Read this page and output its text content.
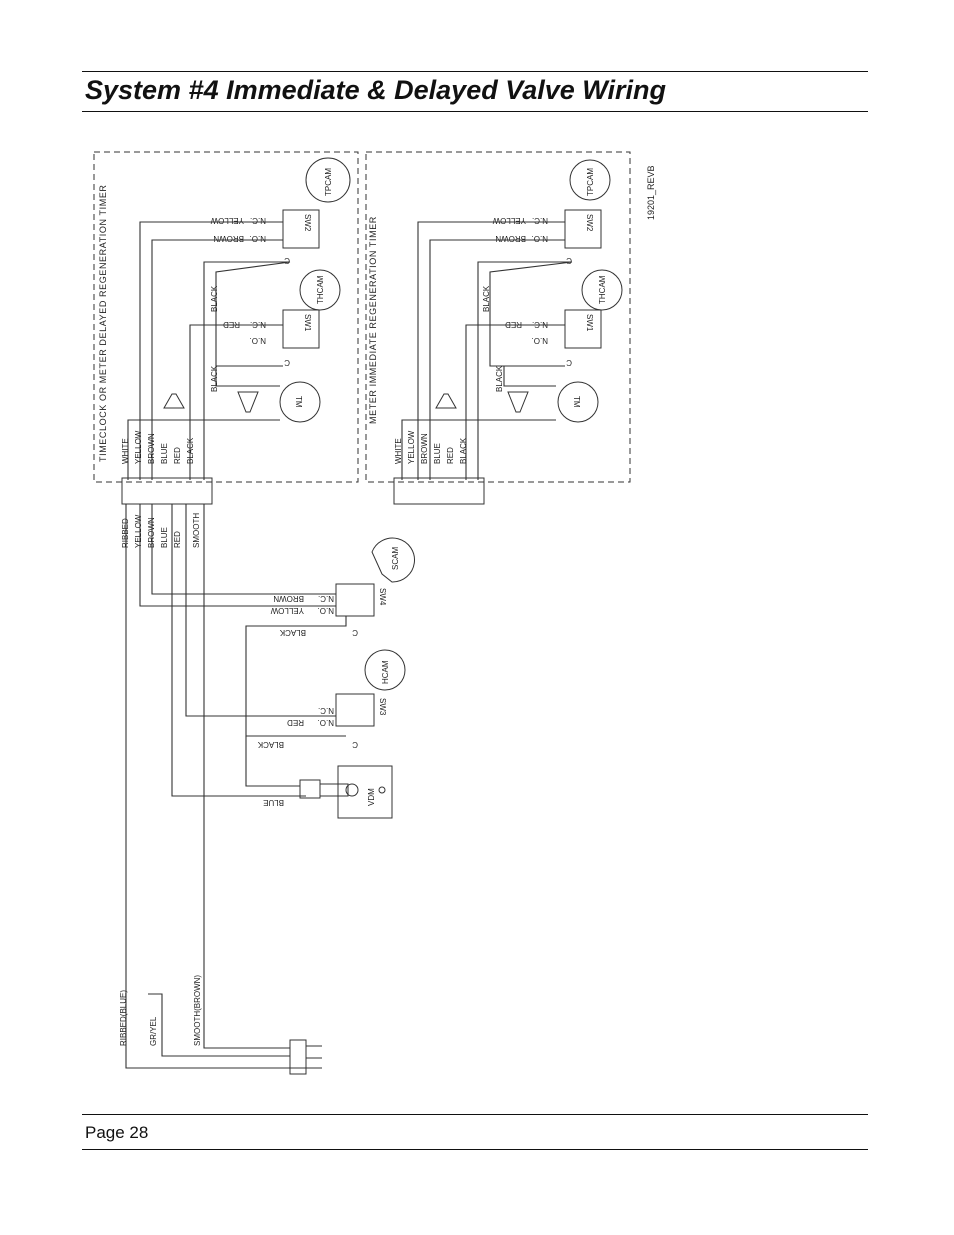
System #4 Immediate & Delayed Valve Wiring
TIMECLOCK OR METER DELAYED REGENERATION TIMER	SW2
N.C.
YELLOW
N.O.
BROWN
C
TPCAM
SW1
N.C.
RED
N.O.
C
THCAM
BLACK
BLACK
TM
WHITE YELLOW BROWN BLUE RED BLACK
METER IMMEDIATE REGENERATION TIMER
19201_REVB
SW2
N.C.
YELLOW
N.O.
BROWN
C
TPCAM
SW1
N.C.
RED
N.O.
C
THCAM
BLACK
BLACK
TM
WHITE YELLOW BROWN BLUE RED BLACK
RIBBED YELLOW BROWN BLUE RED SMOOTH
SW4
SCAM
N.C.
BROWN
N.O.
YELLOW
C
BLACK
SW3
HCAM
N.C.
RED N.O.
C
BLACK
VDM
BLUE
RIBBED(BLUE)	GR/YEL	SMOOTH(BROWN)
Page 28
